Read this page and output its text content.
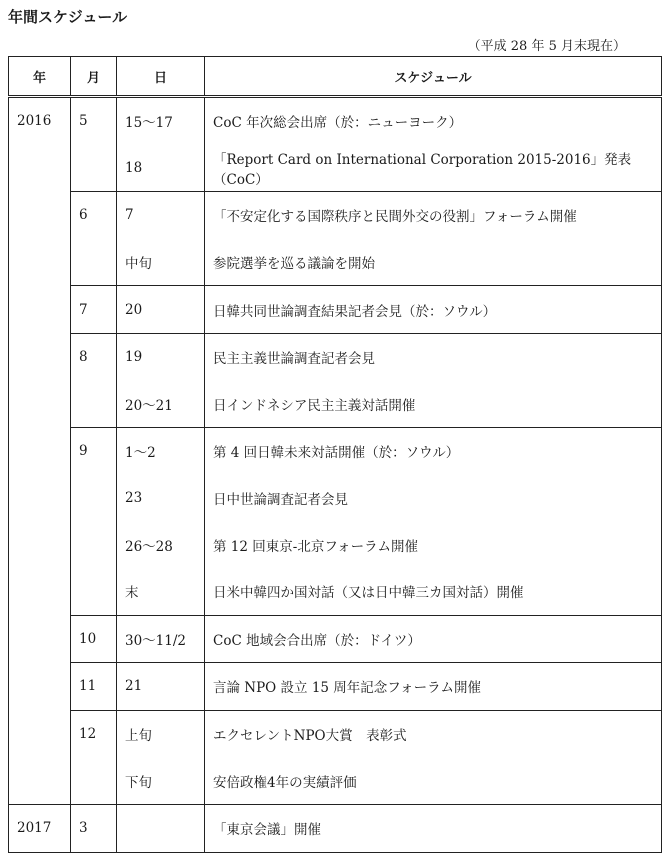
年間スケジュール
（平成 28 年 5 月末現在）
年	月	日	スケジュール
2016	5	15～17	CoC 年次総会出席（於：ニューヨーク）
		18	「Report Card on International Corporation 2015-2016」発表（CoC）
	6	7	「不安定化する国際秩序と民間外交の役割」フォーラム開催
		中旬	参院選挙を巡る議論を開始
	7	20	日韓共同世論調査結果記者会見（於：ソウル）
	8	19	民主主義世論調査記者会見
		20～21	日インドネシア民主主義対話開催
	9	1～2	第 4 回日韓未来対話開催（於：ソウル）
		23	日中世論調査記者会見
		26～28	第 12 回東京-北京フォーラム開催
		末	日米中韓四か国対話（又は日中韓三カ国対話）開催
	10	30～11/2	CoC 地域会合出席（於：ドイツ）
	11	21	言論 NPO 設立 15 周年記念フォーラム開催
	12	上旬	エクセレントNPO大賞　表彰式
		下旬	安倍政権4年の実績評価
2017	3		「東京会議」開催
